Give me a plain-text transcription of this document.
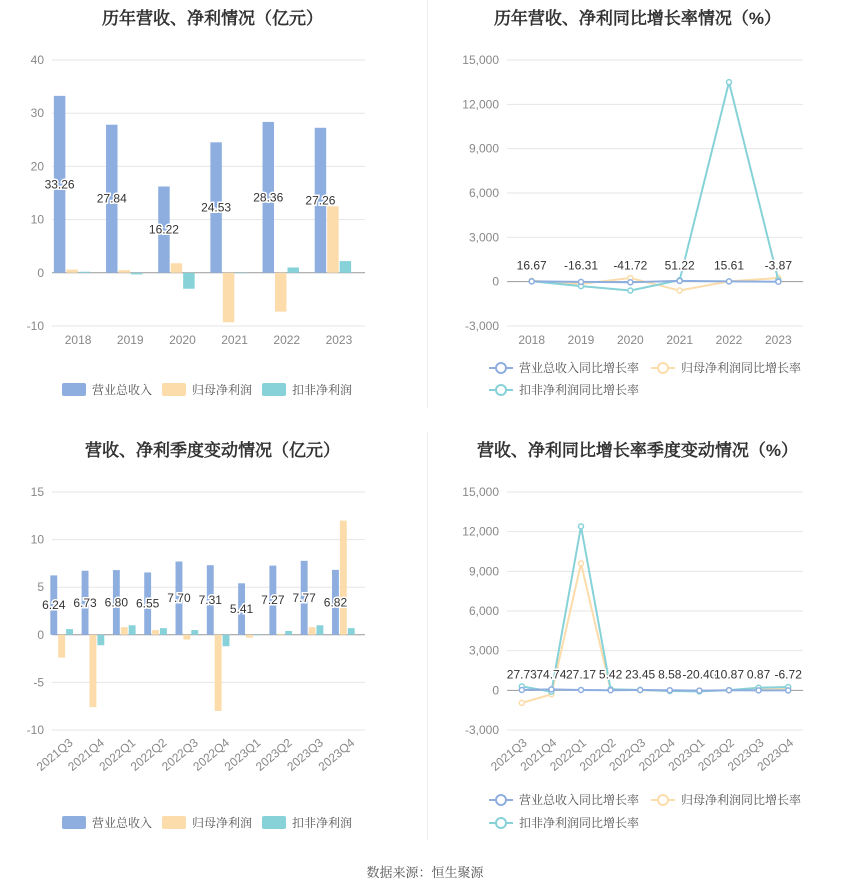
历年营收、净利情况（亿元）
-10
0
10
20
30
40
33.26
27.84
16.22
24.53
28.36 27.26
2018 2019 2020 2021 2022 2023
营业总收入	归母净利润	扣非净利润
历年营收、净利同比增长率情况（%）
-3,000
0
3,000
6,000
9,000
12,000
15,000
16.67 -16.31 -41.72 51.22 15.61 -3.87
2018 2019 2020 2021 2022 2023
营业总收入同比增长率	归母净利润同比增长率
扣非净利润同比增长率
营收、净利季度变动情况（亿元）
-10
-5
0
5
10
15
6.24 6.73 6.80 6.55 7.70 7.31
5.41
7.27 7.77 6.82
2021Q3
2021Q4
2022Q1
2022Q2
2022Q3
2022Q4
2023Q1
2023Q2
2023Q3
2023Q4
营业总收入	归母净利润	扣非净利润
营收、净利同比增长率季度变动情况（%）
-3,000
0
3,000
6,000
9,000
12,000
15,000
27.73 74.74 27.17 5.42 23.45 8.58 -20.40
10.87 0.87 -6.72
2021Q3
2021Q4
2022Q1
2022Q2
2022Q3
2022Q4
2023Q1
2023Q2
2023Q3
2023Q4
营业总收入同比增长率	归母净利润同比增长率
扣非净利润同比增长率
数据来源：恒生聚源
